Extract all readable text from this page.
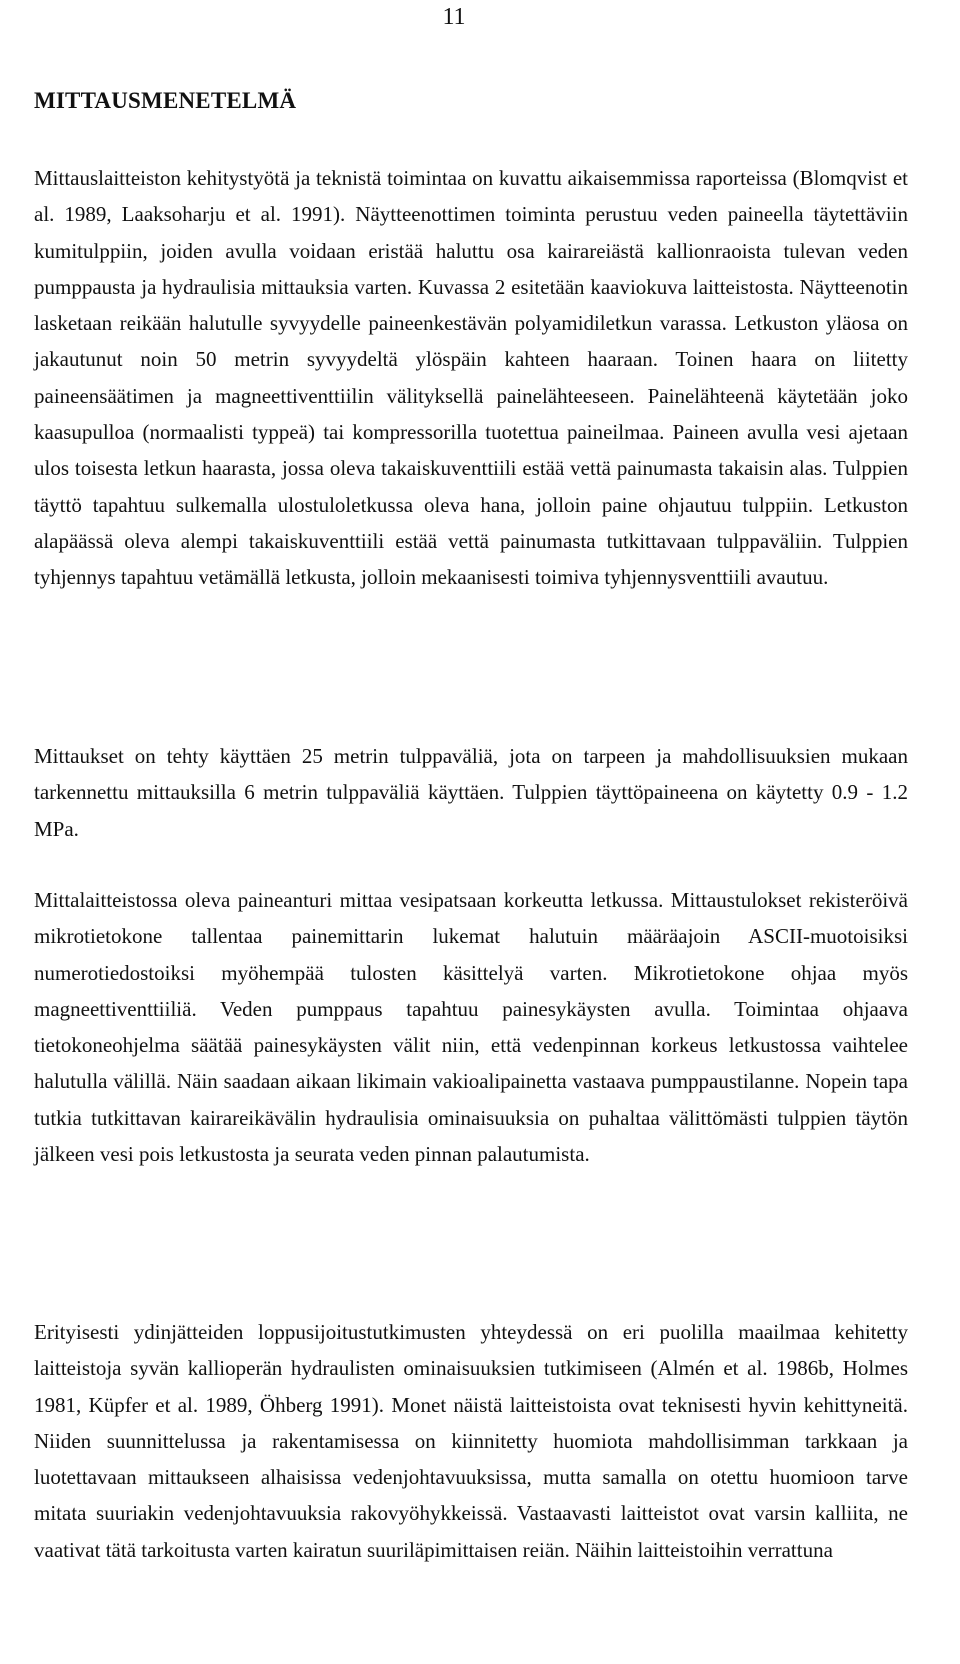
11
MITTAUSMENETELMÄ

Mittauslaitteiston kehitystyötä ja teknistä toimintaa on kuvattu aikaisemmissa raporteissa (Blomqvist et al. 1989, Laaksoharju et al. 1991). Näytteenottimen toiminta perustuu veden paineella täytettäviin kumitulppiin, joiden avulla voidaan eristää haluttu osa kairareiästä kallionraoista tulevan veden pumppausta ja hydraulisia mittauksia varten. Kuvassa 2 esitetään kaaviokuva laitteistosta. Näytteenotin lasketaan reikään halutulle syvyydelle paineenkestävän polyamidiletkun varassa. Letkuston yläosa on jakautunut noin 50 metrin syvyydeltä ylöspäin kahteen haaraan. Toinen haara on liitetty paineensäätimen ja magneettiventtiilin välityksellä painelähteeseen. Painelähteenä käytetään joko kaasupulloa (normaalisti typpeä) tai kompressorilla tuotettua paineilmaa. Paineen avulla vesi ajetaan ulos toisesta letkun haarasta, jossa oleva takaiskuventtiili estää vettä painumasta takaisin alas. Tulppien täyttö tapahtuu sulkemalla ulostuloletkussa oleva hana, jolloin paine ohjautuu tulppiin. Letkuston alapäässä oleva alempi takaiskuventtiili estää vettä painumasta tutkittavaan tulppaväliin. Tulppien tyhjennys tapahtuu vetämällä letkusta, jolloin mekaanisesti toimiva tyhjennysventtiili avautuu.

Mittaukset on tehty käyttäen 25 metrin tulppaväliä, jota on tarpeen ja mahdollisuuksien mukaan tarkennettu mittauksilla 6 metrin tulppaväliä käyttäen. Tulppien täyttöpaineena on käytetty 0.9 - 1.2 MPa.

Mittalaitteistossa oleva paineanturi mittaa vesipatsaan korkeutta letkussa. Mittaustulokset rekisteröivä mikrotietokone tallentaa painemittarin lukemat halutuin määräajoin ASCII-muotoisiksi numerotiedostoiksi myöhempää tulosten käsittelyä varten. Mikrotietokone ohjaa myös magneettiventtiiliä. Veden pumppaus tapahtuu painesykäysten avulla. Toimintaa ohjaava tietokoneohjelma säätää painesykäysten välit niin, että vedenpinnan korkeus letkustossa vaihtelee halutulla välillä. Näin saadaan aikaan likimain vakioalipainetta vastaava pumppaustilanne. Nopein tapa tutkia tutkittavan kairareikävälin hydraulisia ominaisuuksia on puhaltaa välittömästi tulppien täytön jälkeen vesi pois letkustosta ja seurata veden pinnan palautumista.

Erityisesti ydinjätteiden loppusijoitustutkimusten yhteydessä on eri puolilla maailmaa kehitetty laitteistoja syvän kallioperän hydraulisten ominaisuuksien tutkimiseen (Almén et al. 1986b, Holmes 1981, Küpfer et al. 1989, Öhberg 1991). Monet näistä laitteistoista ovat teknisesti hyvin kehittyneitä. Niiden suunnittelussa ja rakentamisessa on kiinnitetty huomiota mahdollisimman tarkkaan ja luotettavaan mittaukseen alhaisissa vedenjohtavuuksissa, mutta samalla on otettu huomioon tarve mitata suuriakin vedenjohtavuuksia rakovyöhykkeissä. Vastaavasti laitteistot ovat varsin kalliita, ne vaativat tätä tarkoitusta varten kairatun suuriläpimittaisen reiän. Näihin laitteistoihin verrattuna
